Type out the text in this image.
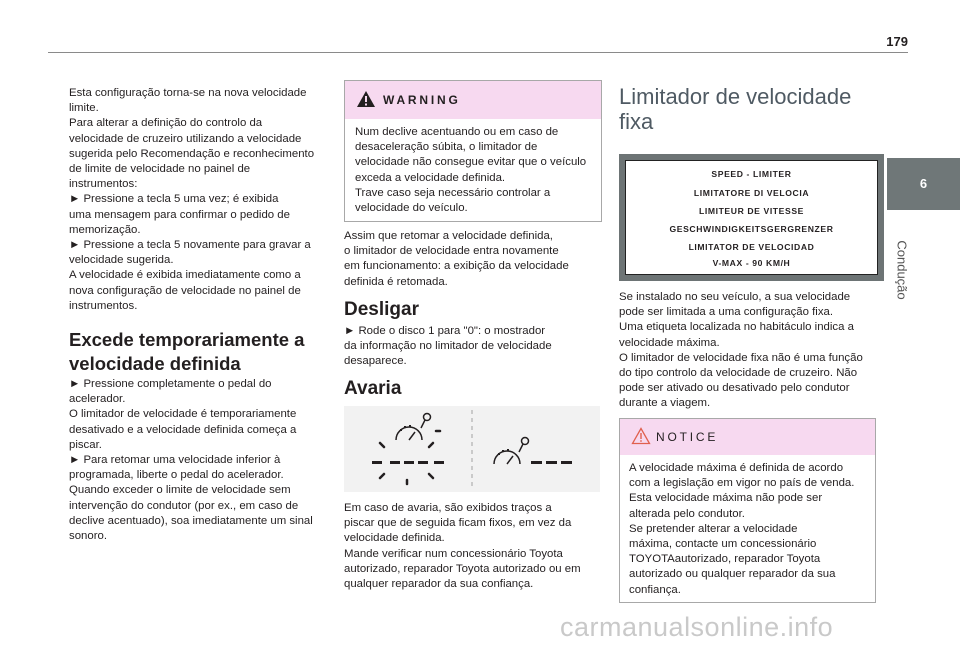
179
6
Condução

Esta configuração torna-se na nova velocidade

limite.

Para alterar a definição do controlo da

velocidade de cruzeiro utilizando a velocidade

sugerida pelo Recomendação e reconhecimento

de limite de velocidade no painel de

instrumentos:

► Pressione a tecla 5 uma vez; é exibida

uma mensagem para confirmar o pedido de

memorização.

► Pressione a tecla 5 novamente para gravar a

velocidade sugerida.

A velocidade é exibida imediatamente como a

nova configuração de velocidade no painel de

instrumentos.

Excede temporariamente a
velocidade definida

► Pressione completamente o pedal do

acelerador.

O limitador de velocidade é temporariamente

desativado e a velocidade definida começa a

piscar.

► Para retomar uma velocidade inferior à

programada, liberte o pedal do acelerador.

Quando exceder o limite de velocidade sem

intervenção do condutor (por ex., em caso de

declive acentuado), soa imediatamente um sinal

sonoro.

WARNING

Num declive acentuando ou em caso de

desaceleração súbita, o limitador de

velocidade não consegue evitar que o veículo

exceda a velocidade definida.

Trave caso seja necessário controlar a

velocidade do veículo.

Assim que retomar a velocidade definida,

o limitador de velocidade entra novamente

em funcionamento: a exibição da velocidade

definida é retomada.

Desligar

► Rode o disco 1 para "0": o mostrador

da informação no limitador de velocidade

desaparece.

Avaria

Em caso de avaria, são exibidos traços a

piscar que de seguida ficam fixos, em vez da

velocidade definida.

Mande verificar num concessionário Toyota

autorizado, reparador Toyota autorizado ou em

qualquer reparador da sua confiança.

Limitador de velocidade
fixa
SPEED - LIMITER
LIMITATORE DI VELOCIA
LIMITEUR DE VITESSE
GESCHWINDIGKEITSGERGRENZER
LIMITATOR DE VELOCIDAD
V-MAX - 90 KM/H

Se instalado no seu veículo, a sua velocidade

pode ser limitada a uma configuração fixa.

Uma etiqueta localizada no habitáculo indica a

velocidade máxima.

O limitador de velocidade fixa não é uma função

do tipo controlo da velocidade de cruzeiro. Não

pode ser ativado ou desativado pelo condutor

durante a viagem.

NOTICE

A velocidade máxima é definida de acordo

com a legislação em vigor no país de venda.

Esta velocidade máxima não pode ser

alterada pelo condutor.

Se pretender alterar a velocidade

máxima, contacte um concessionário

TOYOTAautorizado, reparador Toyota

autorizado ou qualquer reparador da sua

confiança.

carmanualsonline.info
